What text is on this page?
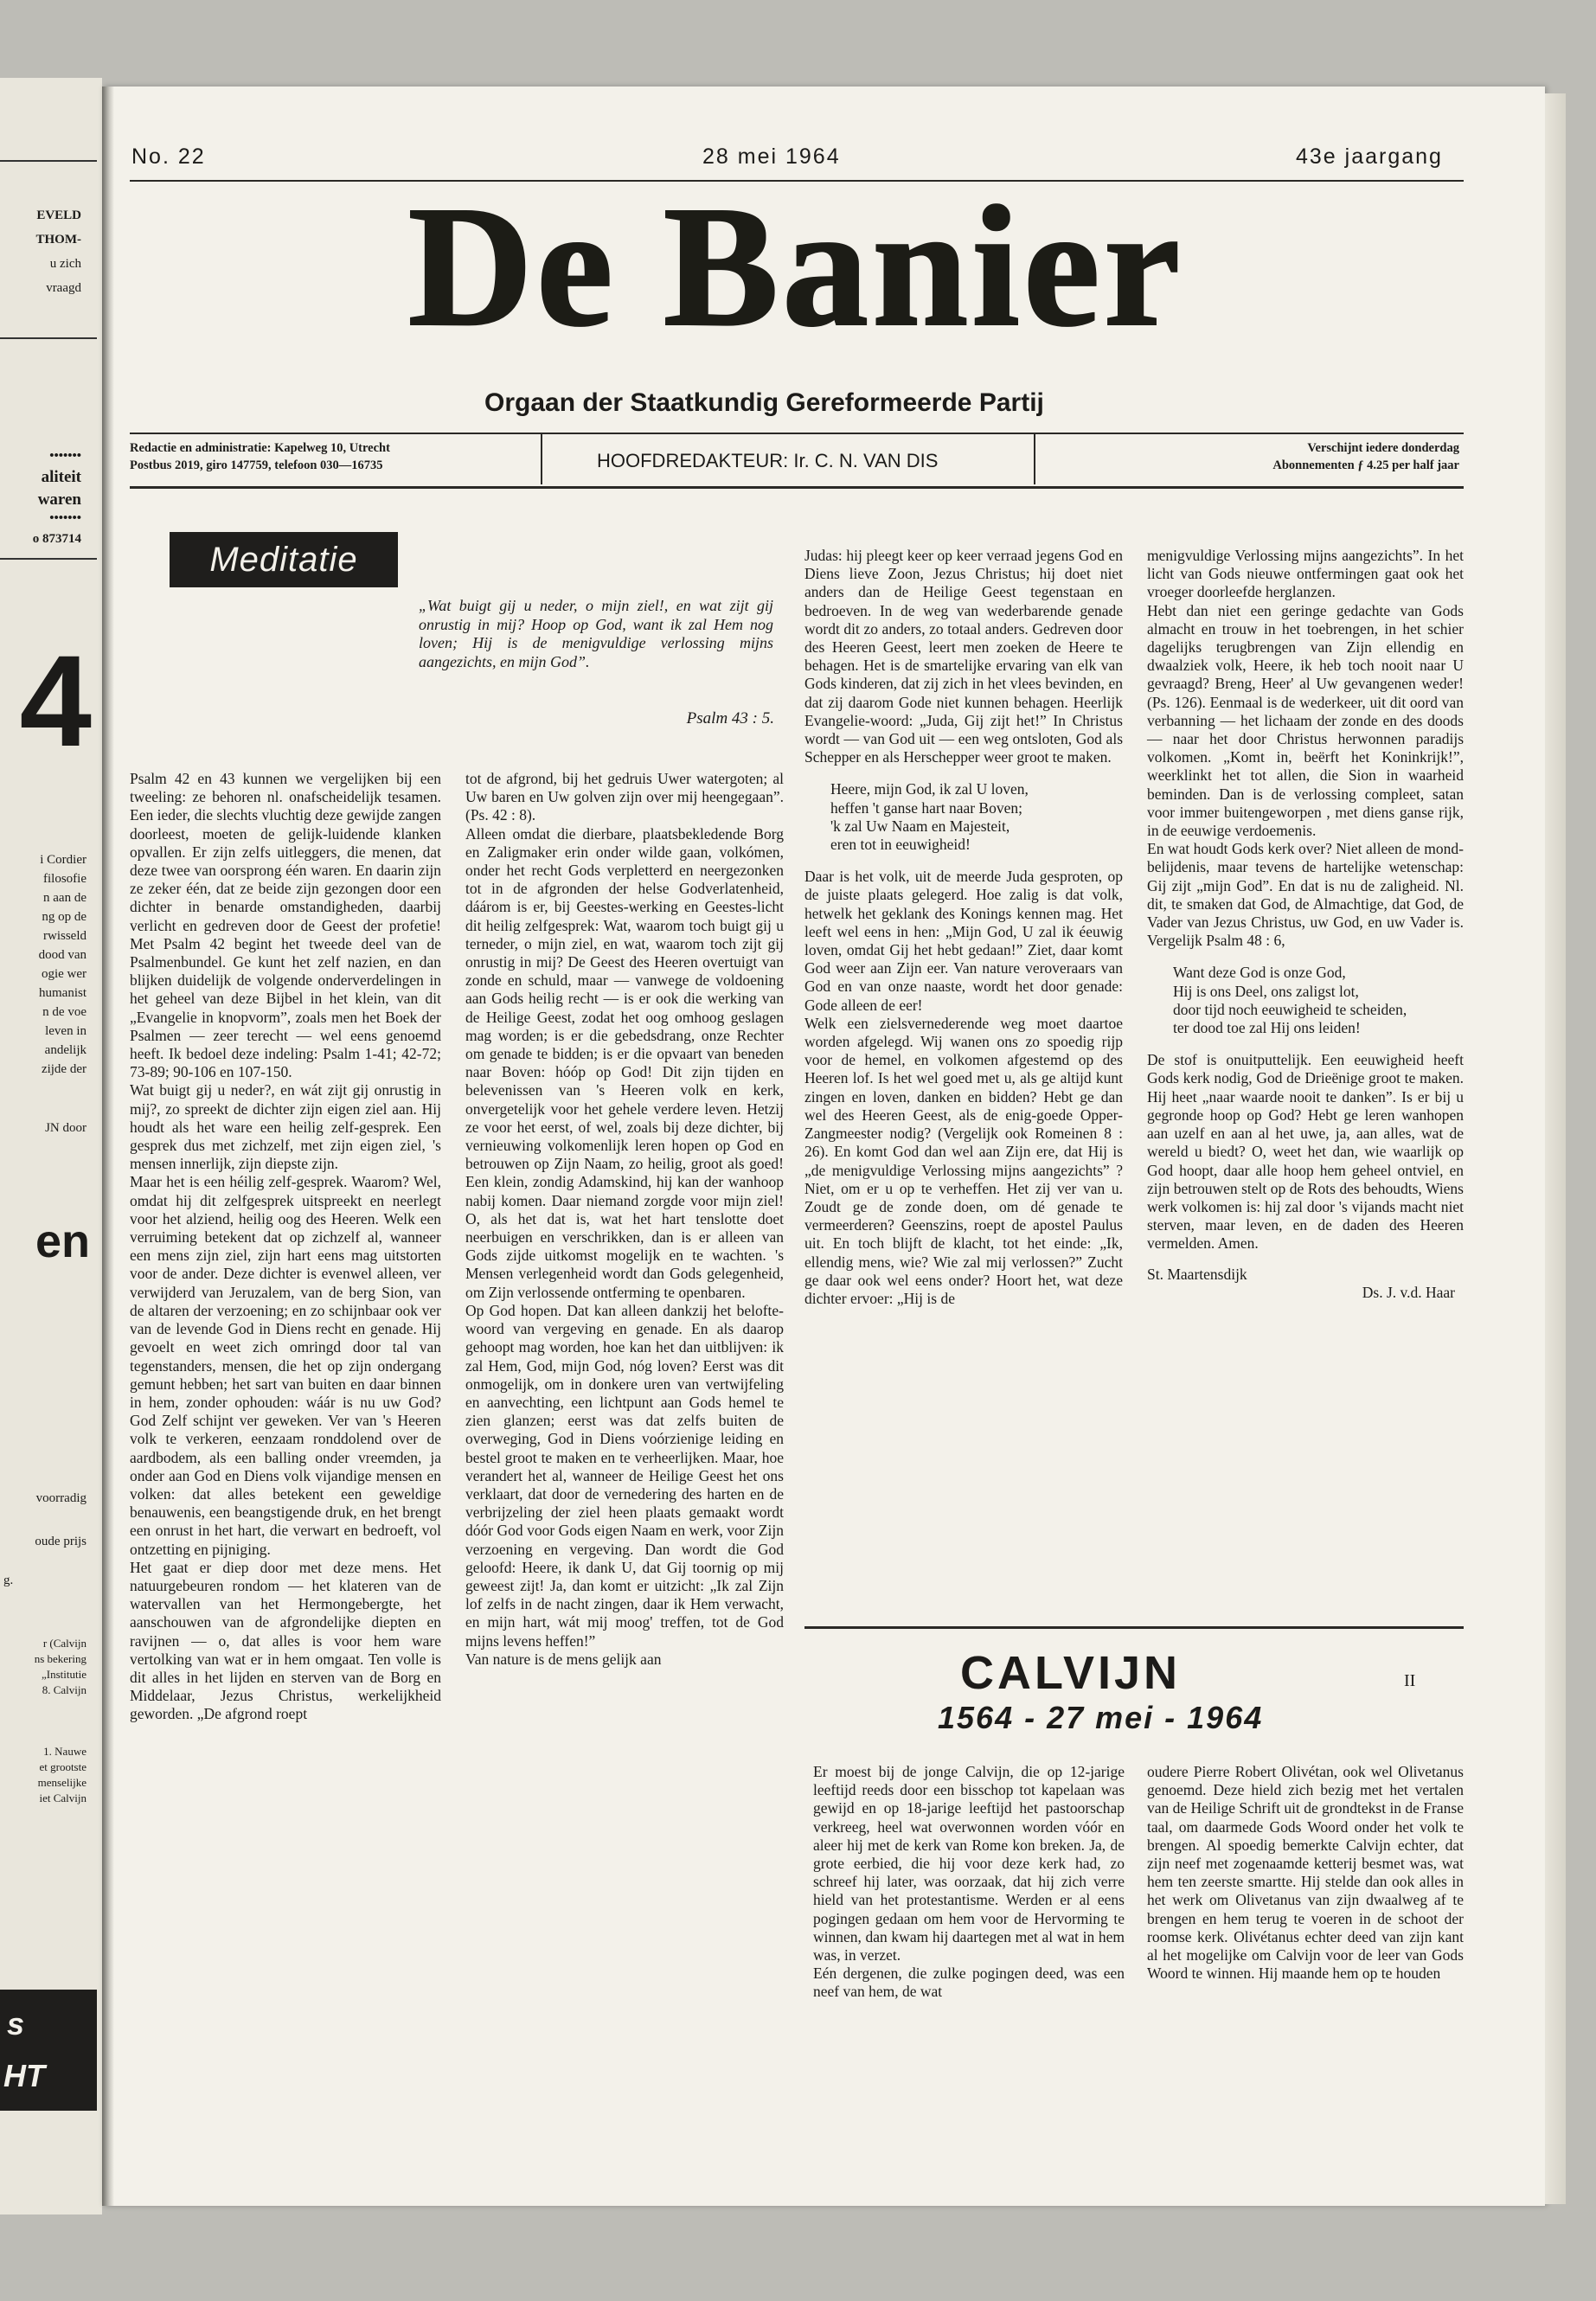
EVELD
THOM-
u zich
vraagd
•••••••
aliteit
waren
•••••••
o 873714
4
i Cordier
filosofie
n aan de
ng op de
rwisseld
dood van
ogie wer
humanist
n de voe
leven in
andelijk
zijde der
JN door
en
voorradig
oude prijs
g.
r (Calvijn
ns bekering
„Institutie
8. Calvijn
1. Nauwe
et grootste
menselijke
iet Calvijn
s
HT
No. 22	28 mei 1964	43e jaargang
De Banier
Orgaan der Staatkundig Gereformeerde Partij
Redactie en administratie: Kapelweg 10, Utrecht
Postbus 2019, giro 147759, telefoon 030—16735	HOOFDREDAKTEUR: Ir. C. N. VAN DIS
Verschijnt iedere donderdag
Abonnementen ƒ 4.25 per half jaar
Meditatie
„Wat buigt gij u neder, o mijn ziel!, en wat zijt gij onrustig in mij? Hoop op God, want ik zal Hem nog loven; Hij is de menigvuldige verlossing mijns aangezichts, en mijn God”.
Psalm 43 : 5.

Psalm 42 en 43 kunnen we vergelijken bij een tweeling: ze behoren nl. onafscheidelijk tesamen. Een ieder, die slechts vluchtig deze gewijde zangen doorleest, moeten de gelijk-luidende klanken opvallen. Er zijn zelfs uitleggers, die menen, dat deze twee van oorsprong één waren. En daarin zijn ze zeker één, dat ze beide zijn gezongen door een dichter in benarde omstandigheden, daarbij verlicht en gedreven door de Geest der profetie! Met Psalm 42 begint het tweede deel van de Psalmenbundel. Ge kunt het zelf nazien, en dan blijken duidelijk de volgende onderverdelingen in het geheel van deze Bijbel in het klein, van dit „Evangelie in knopvorm”, zoals men het Boek der Psalmen — zeer terecht — wel eens genoemd heeft. Ik bedoel deze indeling: Psalm 1-41; 42-72; 73-89; 90-106 en 107-150.

Wat buigt gij u neder?, en wát zijt gij onrustig in mij?, zo spreekt de dichter zijn eigen ziel aan. Hij houdt als het ware een heilig zelf-gesprek. Een gesprek dus met zichzelf, met zijn eigen ziel, 's mensen innerlijk, zijn diepste zijn.

Maar het is een héilig zelf-gesprek. Waarom? Wel, omdat hij dit zelfgesprek uitspreekt en neerlegt voor het alziend, heilig oog des Heeren. Welk een verruiming betekent dat op zichzelf al, wanneer een mens zijn ziel, zijn hart eens mag uitstorten voor de ander. Deze dichter is evenwel alleen, ver verwijderd van Jeruzalem, van de berg Sion, van de altaren der verzoening; en zo schijnbaar ook ver van de levende God in Diens recht en genade. Hij gevoelt en weet zich omringd door tal van tegenstanders, mensen, die het op zijn ondergang gemunt hebben; het sart van buiten en daar binnen in hem, zonder ophouden: wáár is nu uw God? God Zelf schijnt ver geweken. Ver van 's Heeren volk te verkeren, eenzaam ronddolend over de aardbodem, als een balling onder vreemden, ja onder aan God en Diens volk vijandige mensen en volken: dat alles betekent een geweldige benauwenis, een beangstigende druk, en het brengt een onrust in het hart, die verwart en bedroeft, vol ontzetting en pijniging.

Het gaat er diep door met deze mens. Het natuurgebeuren rondom — het klateren van de watervallen van het Hermongebergte, het aanschouwen van de afgrondelijke diepten en ravijnen — o, dat alles is voor hem ware vertolking van wat er in hem omgaat. Ten volle is dit alles in het lijden en sterven van de Borg en Middelaar, Jezus Christus, werkelijkheid geworden. „De afgrond roept

tot de afgrond, bij het gedruis Uwer watergoten; al Uw baren en Uw golven zijn over mij heengegaan”. (Ps. 42 : 8).

Alleen omdat die dierbare, plaatsbekledende Borg en Zaligmaker erin onder wilde gaan, volkómen, onder het recht Gods verpletterd en neergezonken tot in de afgronden der helse Godverlatenheid, dáárom is er, bij Geestes-werking en Geestes-licht dit heilig zelfgesprek: Wat, waarom toch buigt gij u terneder, o mijn ziel, en wat, waarom toch zijt gij onrustig in mij? De Geest des Heeren overtuigt van zonde en schuld, maar — vanwege de voldoening aan Gods heilig recht — is er ook die werking van de Heilige Geest, zodat het oog omhoog geslagen mag worden; is er die gebedsdrang, onze Rechter om genade te bidden; is er die opvaart van beneden naar Boven: hóóp op God! Dit zijn tijden en belevenissen van 's Heeren volk en kerk, onvergetelijk voor het gehele verdere leven. Hetzij ze voor het eerst, of wel, zoals bij deze dichter, bij vernieuwing volkomenlijk leren hopen op God en betrouwen op Zijn Naam, zo heilig, groot als goed! Een klein, zondig Adamskind, hij kan der wanhoop nabij komen. Daar niemand zorgde voor mijn ziel! O, als het dat is, wat het hart tenslotte doet neerbuigen en verschrikken, dan is er alleen van Gods zijde uitkomst mogelijk en te wachten. 's Mensen verlegenheid wordt dan Gods gelegenheid, om Zijn verlossende ontferming te openbaren.

Op God hopen. Dat kan alleen dankzij het belofte-woord van vergeving en genade. En als daarop gehoopt mag worden, hoe kan het dan uitblijven: ik zal Hem, God, mijn God, nóg loven? Eerst was dit onmogelijk, om in donkere uren van vertwijfeling en aanvechting, een lichtpunt aan Gods hemel te zien glanzen; eerst was dat zelfs buiten de overweging, God in Diens voórzienige leiding en bestel groot te maken en te verheerlijken. Maar, hoe verandert het al, wanneer de Heilige Geest het ons verklaart, dat door de vernedering des harten en de verbrijzeling der ziel heen plaats gemaakt wordt dóór God voor Gods eigen Naam en werk, voor Zijn verzoening en vergeving. Dan wordt die God geloofd: Heere, ik dank U, dat Gij toornig op mij geweest zijt! Ja, dan komt er uitzicht: „Ik zal Zijn lof zelfs in de nacht zingen, daar ik Hem verwacht, en mijn hart, wát mij moog' treffen, tot de God mijns levens heffen!”

Van nature is de mens gelijk aan

Judas: hij pleegt keer op keer verraad jegens God en Diens lieve Zoon, Jezus Christus; hij doet niet anders dan de Heilige Geest tegenstaan en bedroeven. In de weg van wederbarende genade wordt dit zo anders, zo totaal anders. Gedreven door des Heeren Geest, leert men zoeken de Heere te behagen. Het is de smartelijke ervaring van elk van Gods kinderen, dat zij zich in het vlees bevinden, en dat zij daarom Gode niet kunnen behagen. Heerlijk Evangelie-woord: „Juda, Gij zijt het!” In Christus wordt — van God uit — een weg ontsloten, God als Schepper en als Herschepper weer groot te maken.

Heere, mijn God, ik zal U loven,
heffen 't ganse hart naar Boven;
'k zal Uw Naam en Majesteit,
eren tot in eeuwigheid!

Daar is het volk, uit de meerde Juda gesproten, op de juiste plaats gelegerd. Hoe zalig is dat volk, hetwelk het geklank des Konings kennen mag. Het leeft wel eens in hen: „Mijn God, U zal ik éeuwig loven, omdat Gij het hebt gedaan!” Ziet, daar komt God weer aan Zijn eer. Van nature veroveraars van God en van onze naaste, wordt het door genade: Gode alleen de eer!

Welk een zielsvernederende weg moet daartoe worden afgelegd. Wij wanen ons zo spoedig rijp voor de hemel, en volkomen afgestemd op des Heeren lof. Is het wel goed met u, als ge altijd kunt zingen en loven, danken en bidden? Hebt ge dan wel des Heeren Geest, als de enig-goede Opper-Zangmeester nodig? (Vergelijk ook Romeinen 8 : 26). En komt God dan wel aan Zijn ere, dat Hij is „de menigvuldige Verlossing mijns aangezichts” ? Niet, om er u op te verheffen. Het zij ver van u. Zoudt ge de zonde doen, om dé genade te vermeerderen? Geenszins, roept de apostel Paulus uit. En toch blijft de klacht, tot het einde: „Ik, ellendig mens, wie? Wie zal mij verlossen?” Zucht ge daar ook wel eens onder? Hoort het, wat deze dichter ervoer: „Hij is de

menigvuldige Verlossing mijns aangezichts”. In het licht van Gods nieuwe ontfermingen gaat ook het vroeger doorleefde herglanzen.

Hebt dan niet een geringe gedachte van Gods almacht en trouw in het toebrengen, in het schier dagelijks terugbrengen van Zijn ellendig en dwaalziek volk, Heere, ik heb toch nooit naar U gevraagd? Breng, Heer' al Uw gevangenen weder! (Ps. 126). Eenmaal is de wederkeer, uit dit oord van verbanning — het lichaam der zonde en des doods — naar het door Christus herwonnen paradijs volkomen. „Komt in, beërft het Koninkrijk!”, weerklinkt het tot allen, die Sion in waarheid beminden. Dan is de verlossing compleet, satan voor immer buitengeworpen , met diens ganse rijk, in de eeuwige verdoemenis.

En wat houdt Gods kerk over? Niet alleen de mond-belijdenis, maar tevens de hartelijke wetenschap: Gij zijt „mijn God”. En dat is nu de zaligheid. Nl. dit, te smaken dat God, de Almachtige, dat God, de Vader van Jezus Christus, uw God, en uw Vader is. Vergelijk Psalm 48 : 6,

Want deze God is onze God,
Hij is ons Deel, ons zaligst lot,
door tijd noch eeuwigheid te scheiden,
ter dood toe zal Hij ons leiden!

De stof is onuitputtelijk. Een eeuwigheid heeft Gods kerk nodig, God de Drieënige groot te maken. Hij heet „naar waarde nooit te danken”. Is er bij u gegronde hoop op God? Hebt ge leren wanhopen aan uzelf en aan al het uwe, ja, aan alles, wat de wereld u biedt? O, weet het dan, wie waarlijk op God hoopt, daar alle hoop hem geheel ontviel, en zijn betrouwen stelt op de Rots des behoudts, Wiens werk volkomen is: hij zal door 's vijands macht niet sterven, maar leven, en de daden des Heeren vermelden. Amen.

St. Maartensdijk

Ds. J. v.d. Haar

CALVIJN	II
1564 - 27 mei - 1964
Er moest bij de jonge Calvijn, die op 12-jarige leeftijd reeds door een bisschop tot kapelaan was gewijd en op 18-jarige leeftijd het pastoorschap verkreeg, heel wat overwonnen worden vóór en aleer hij met de kerk van Rome kon breken. Ja, de grote eerbied, die hij voor deze kerk had, zo schreef hij later, was oorzaak, dat hij zich verre hield van het protestantisme. Werden er al eens pogingen gedaan om hem voor de Hervorming te winnen, dan kwam hij daartegen met al wat in hem was, in verzet.
Eén dergenen, die zulke pogingen deed, was een neef van hem, de wat
oudere Pierre Robert Olivétan, ook wel Olivetanus genoemd. Deze hield zich bezig met het vertalen van de Heilige Schrift uit de grondtekst in de Franse taal, om daarmede Gods Woord onder het volk te brengen. Al spoedig bemerkte Calvijn echter, dat zijn neef met zogenaamde ketterij besmet was, wat hem ten zeerste smartte. Hij stelde dan ook alles in het werk om Olivetanus van zijn dwaalweg af te brengen en hem terug te voeren in de schoot der roomse kerk. Olivétanus echter deed van zijn kant al het mogelijke om Calvijn voor de leer van Gods Woord te winnen. Hij maande hem op te houden
